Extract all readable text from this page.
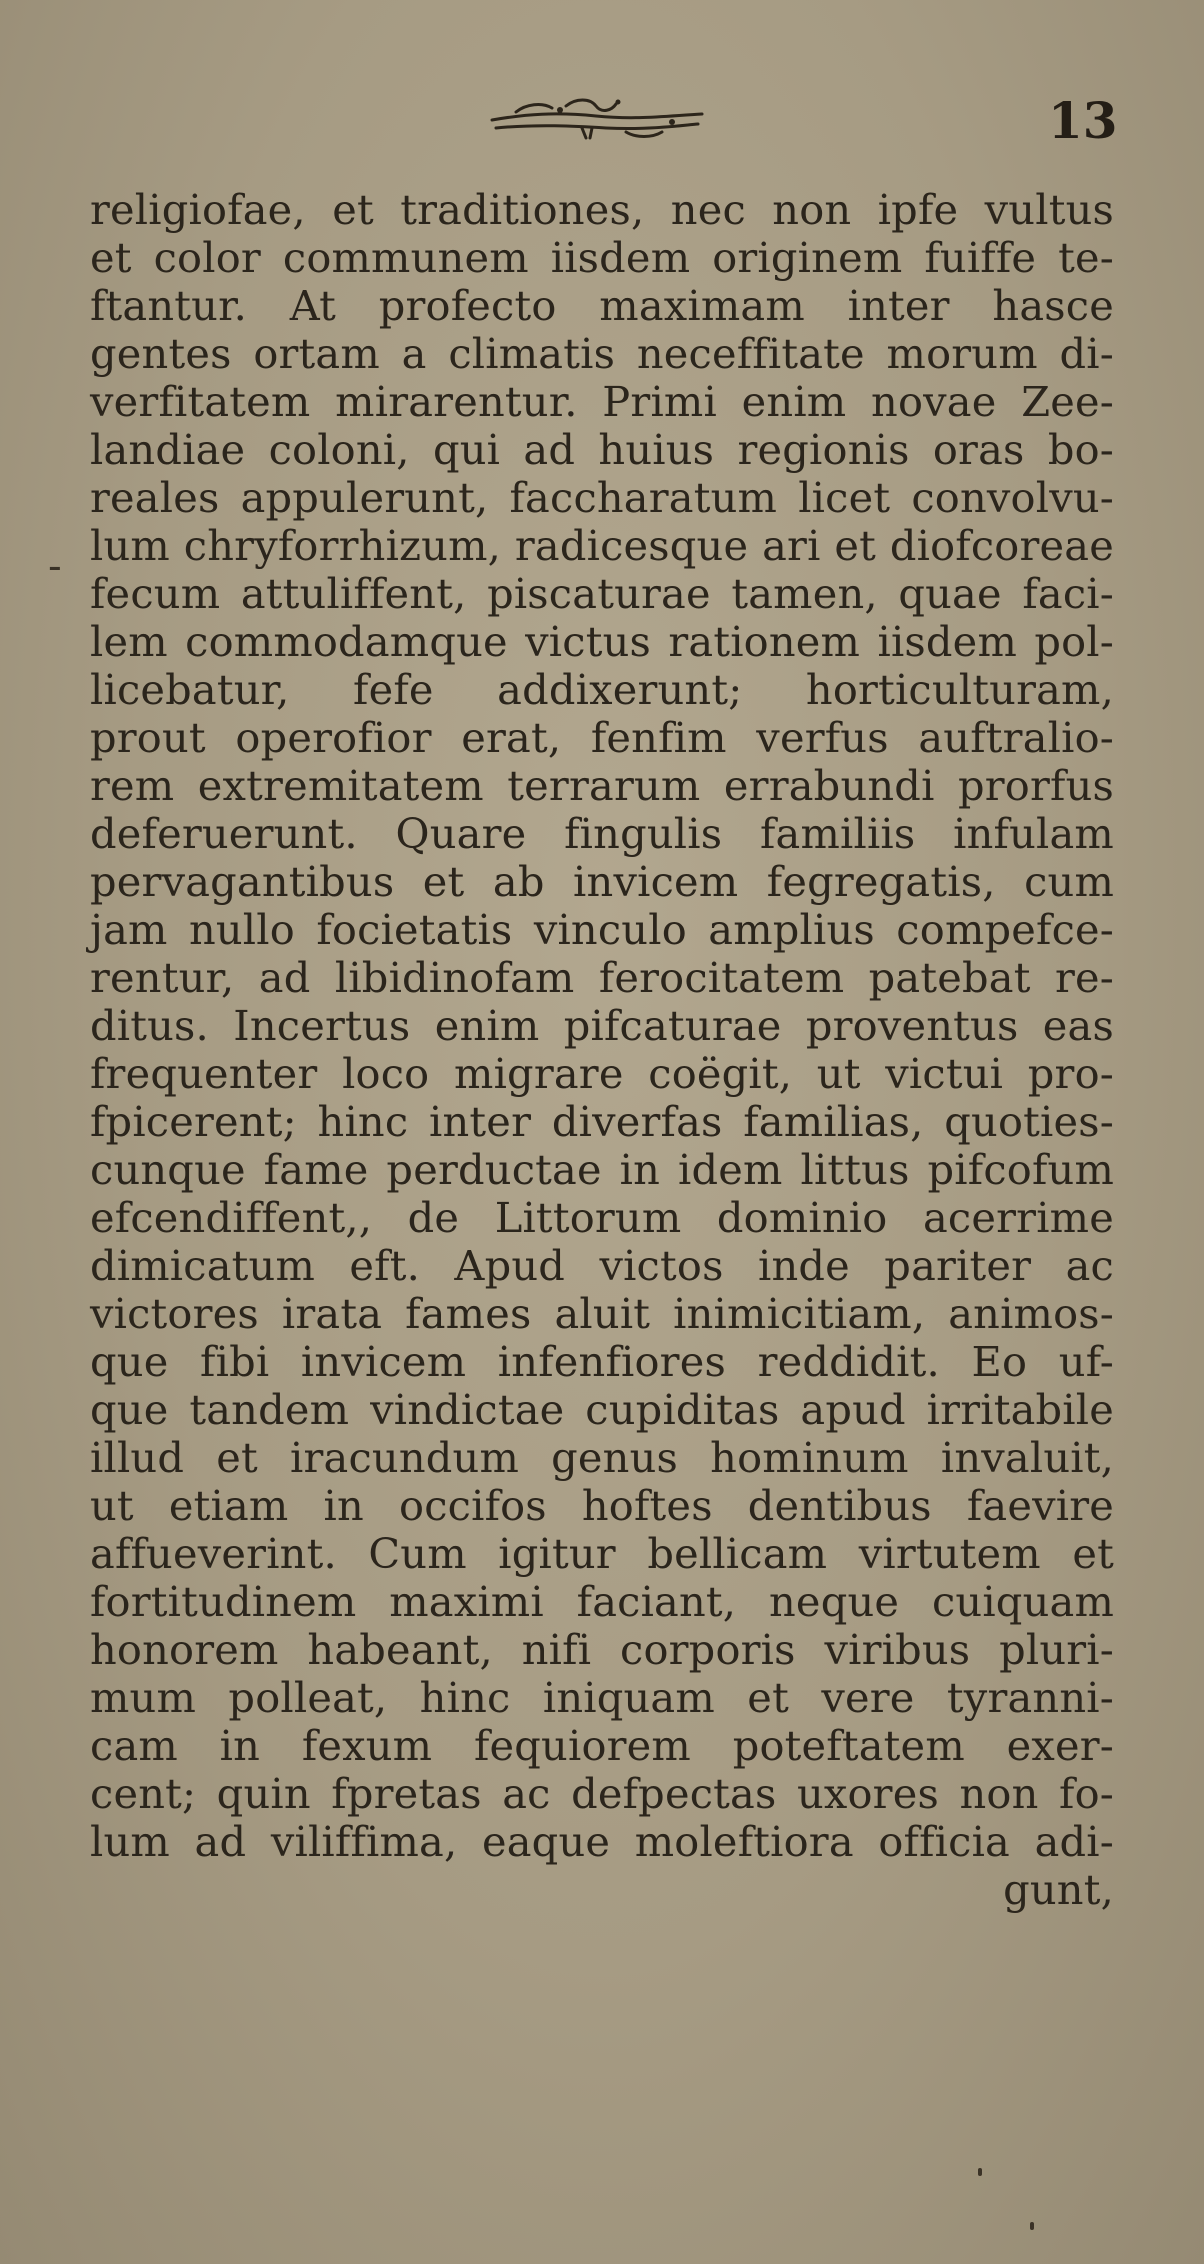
13
-
religiofae, et traditiones, nec non ipfe vultus
et color communem iisdem originem fuiffe te-
ftantur. At profecto maximam inter hasce
gentes ortam a climatis neceffitate morum di-
verfitatem mirarentur. Primi enim novae Zee-
landiae coloni, qui ad huius regionis oras bo-
reales appulerunt, faccharatum licet convolvu-
lum chryforrhizum, radicesque ari et diofcoreae
fecum attuliffent, piscaturae tamen, quae faci-
lem commodamque victus rationem iisdem pol-
licebatur, fefe addixerunt; horticulturam,
prout operofior erat, fenfim verfus auftralio-
rem extremitatem terrarum errabundi prorfus
deferuerunt. Quare fingulis familiis infulam
pervagantibus et ab invicem fegregatis, cum
jam nullo focietatis vinculo amplius compefce-
rentur, ad libidinofam ferocitatem patebat re-
ditus. Incertus enim pifcaturae proventus eas
frequenter loco migrare coëgit, ut victui pro-
fpicerent; hinc inter diverfas familias, quoties-
cunque fame perductae in idem littus pifcofum
efcendiffent,, de Littorum dominio acerrime
dimicatum eft. Apud victos inde pariter ac
victores irata fames aluit inimicitiam, animos-
que fibi invicem infenfiores reddidit. Eo uf-
que tandem vindictae cupiditas apud irritabile
illud et iracundum genus hominum invaluit,
ut etiam in occifos hoftes dentibus faevire
affueverint. Cum igitur bellicam virtutem et
fortitudinem maximi faciant, neque cuiquam
honorem habeant, nifi corporis viribus pluri-
mum polleat, hinc iniquam et vere tyranni-
cam in fexum fequiorem poteftatem exer-
cent; quin fpretas ac defpectas uxores non fo-
lum ad viliffima, eaque moleftiora officia adi-
gunt,
